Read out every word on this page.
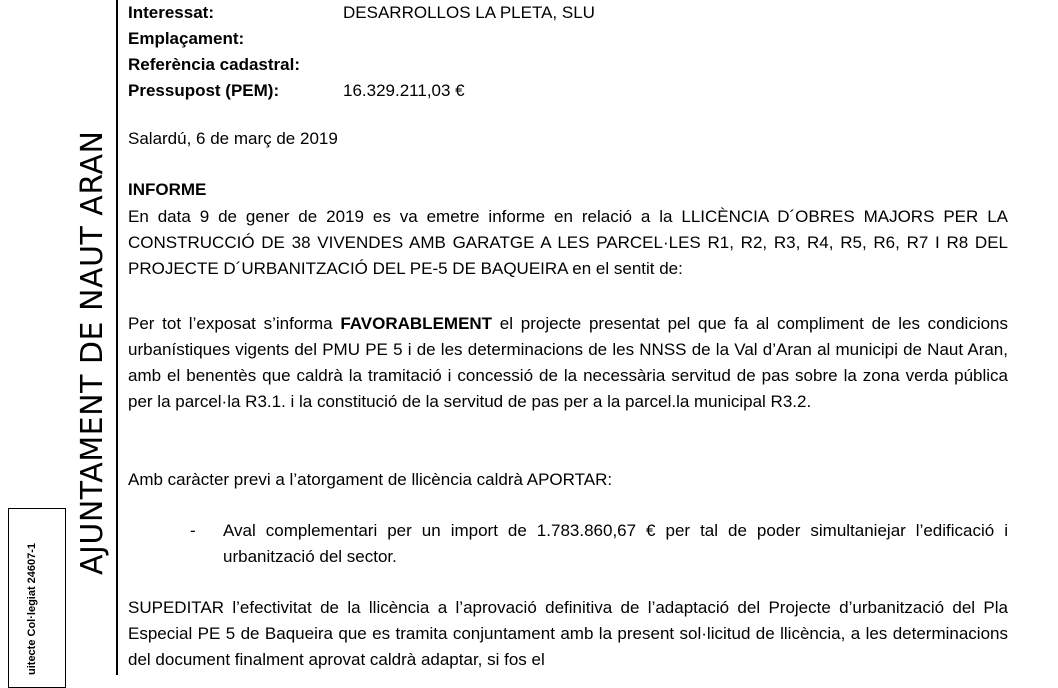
AJUNTAMENT DE NAUT ARAN
uitecte Col·legiat 24607-1
Interessat:	DESARROLLOS LA PLETA, SLU
Emplaçament:
Referència cadastral:
Pressupost (PEM):	16.329.211,03 €
Salardú, 6 de març de 2019
INFORME
En data 9 de gener de 2019 es va emetre informe en relació a la LLICÈNCIA D´OBRES MAJORS PER LA CONSTRUCCIÓ DE 38 VIVENDES AMB GARATGE A LES PARCEL·LES R1, R2, R3, R4, R5, R6, R7 I R8 DEL PROJECTE D´URBANITZACIÓ DEL PE-5 DE BAQUEIRA en el sentit de:
Per tot l’exposat s’informa FAVORABLEMENT el projecte presentat pel que fa al compliment de les condicions urbanístiques vigents del PMU PE 5 i de les determinacions de les NNSS de la Val d’Aran al municipi de Naut Aran, amb el benentès que caldrà la tramitació i concessió de la necessària servitud de pas sobre la zona verda pública per la parcel·la R3.1. i la constitució de la servitud de pas per a la parcel.la municipal R3.2.
Amb caràcter previ a l’atorgament de llicència caldrà APORTAR:
- Aval complementari per un import de 1.783.860,67 € per tal de poder simultaniejar l’edificació i urbanització del sector.
SUPEDITAR l’efectivitat de la llicència a l’aprovació definitiva de l’adaptació del Projecte d’urbanització del Pla Especial PE 5 de Baqueira que es tramita conjuntament amb la present sol·licitud de llicència, a les determinacions del document finalment aprovat caldrà adaptar, si fos el
